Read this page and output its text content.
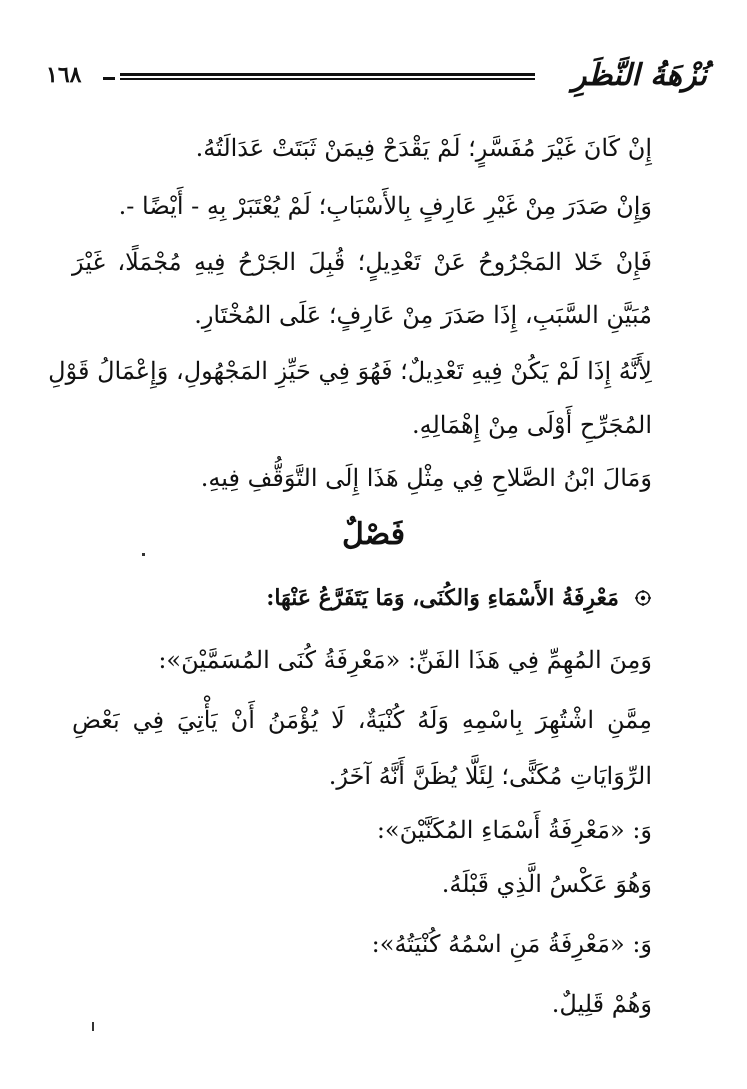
١٦٨	نُزْهَةُ النَّظَرِ
إِنْ كَانَ غَيْرَ مُفَسَّرٍ؛ لَمْ يَقْدَحْ فِيمَنْ ثَبَتَتْ عَدَالَتُهُ.
وَإِنْ صَدَرَ مِنْ غَيْرِ عَارِفٍ بِالأَسْبَابِ؛ لَمْ يُعْتَبَرْ بِهِ - أَيْضًا -.
فَإِنْ خَلا المَجْرُوحُ عَنْ تَعْدِيلٍ؛ قُبِلَ الجَرْحُ فِيهِ مُجْمَلًا، غَيْرَ
مُبَيَّنِ السَّبَبِ، إِذَا صَدَرَ مِنْ عَارِفٍ؛ عَلَى المُخْتَارِ.
لِأَنَّهُ إِذَا لَمْ يَكُنْ فِيهِ تَعْدِيلٌ؛ فَهُوَ فِي حَيِّزِ المَجْهُولِ، وَإِعْمَالُ قَوْلِ
المُجَرِّحِ أَوْلَى مِنْ إِهْمَالِهِ.
وَمَالَ ابْنُ الصَّلاحِ فِي مِثْلِ هَذَا إِلَى التَّوَقُّفِ فِيهِ.
فَصْلٌ
مَعْرِفَةُ الأَسْمَاءِ وَالكُنَى، وَمَا يَتَفَرَّعُ عَنْهَا:
وَمِنَ المُهِمِّ فِي هَذَا الفَنِّ: «مَعْرِفَةُ كُنَى المُسَمَّيْنَ»:
مِمَّنِ اشْتُهِرَ بِاسْمِهِ وَلَهُ كُنْيَةٌ، لَا يُؤْمَنُ أَنْ يَأْتِيَ فِي بَعْضِ
الرِّوَايَاتِ مُكَنًّى؛ لِئَلَّا يُظَنَّ أَنَّهُ آخَرُ.
وَ: «مَعْرِفَةُ أَسْمَاءِ المُكَنَّيْنَ»:
وَهُوَ عَكْسُ الَّذِي قَبْلَهُ.
وَ: «مَعْرِفَةُ مَنِ اسْمُهُ كُنْيَتُهُ»:
وَهُمْ قَلِيلٌ.
